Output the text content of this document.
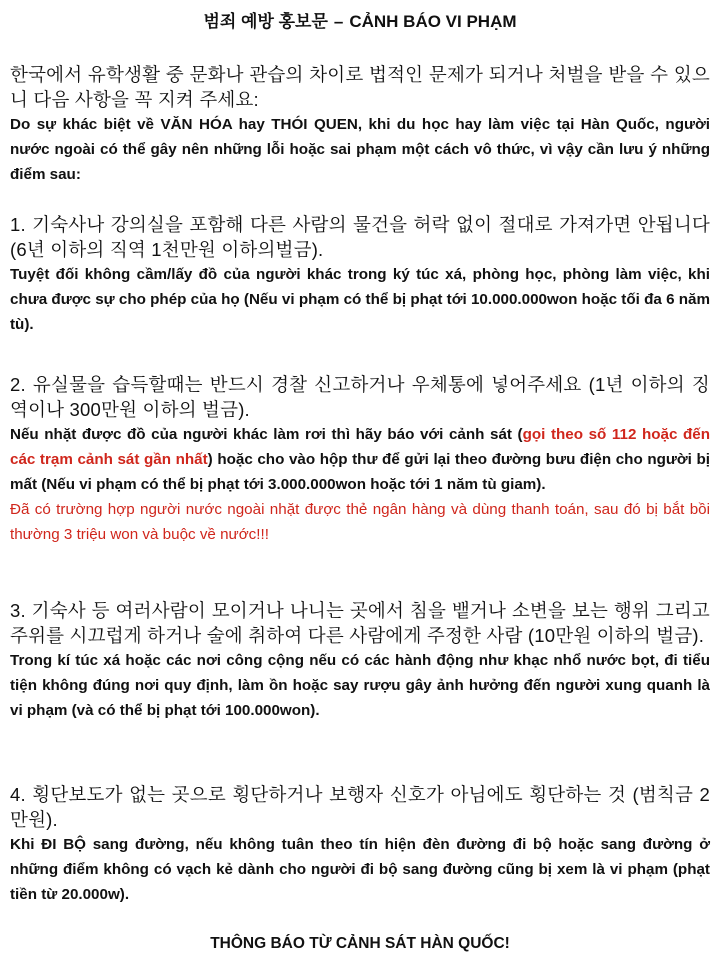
범죄 예방 홍보문 – CẢNH BÁO VI PHẠM

한국에서 유학생활 중 문화나 관습의 차이로 법적인 문제가 되거나 처벌을 받을 수 있으니 다음 사항을 꼭 지켜 주세요:

Do sự khác biệt về VĂN HÓA hay THÓI QUEN, khi du học hay làm việc tại Hàn Quốc, người nước ngoài có thể gây nên những lỗi hoặc sai phạm một cách vô thức, vì vậy cần lưu ý những điểm sau:

1. 기숙사나 강의실을 포함해 다른 사람의 물건을 허락 없이 절대로 가져가면 안됩니다 (6년 이하의 직역 1천만원 이하의벌금).

Tuyệt đối không cầm/lấy đồ của người khác trong ký túc xá, phòng học, phòng làm việc, khi chưa được sự cho phép của họ (Nếu vi phạm có thể bị phạt tới 10.000.000won hoặc tối đa 6 năm tù).

2. 유실물을 습득할때는 반드시 경찰 신고하거나 우체통에 넣어주세요 (1년 이하의 징역이나 300만원 이하의 벌금).

Nếu nhặt được đồ của người khác làm rơi thì hãy báo với cảnh sát (gọi theo số 112 hoặc đến các trạm cảnh sát gần nhất) hoặc cho vào hộp thư để gửi lại theo đường bưu điện cho người bị mất (Nếu vi phạm có thể bị phạt tới 3.000.000won hoặc tới 1 năm tù giam).

Đã có trường hợp người nước ngoài nhặt được thẻ ngân hàng và dùng thanh toán, sau đó bị bắt bồi thường 3 triệu won và buộc về nước!!!

3. 기숙사 등 여러사람이 모이거나 나니는 곳에서 침을 뱉거나 소변을 보는 행위 그리고 주위를 시끄럽게 하거나 술에 취하여 다른 사람에게 주정한 사람 (10만원 이하의 벌금).

Trong kí túc xá hoặc các nơi công cộng nếu có các hành động như khạc nhổ nước bọt, đi tiểu tiện không đúng nơi quy định, làm ồn hoặc say rượu gây ảnh hưởng đến người xung quanh là vi phạm (và có thể bị phạt tới 100.000won).

4. 횡단보도가 없는 곳으로 횡단하거나 보행자 신호가 아님에도 횡단하는 것 (범칙금 2만원).

Khi ĐI BỘ sang đường, nếu không tuân theo tín hiện đèn đường đi bộ hoặc sang đường ở những điểm không có vạch kẻ dành cho người đi bộ sang đường cũng bị xem là vi phạm (phạt tiền từ 20.000w).

THÔNG BÁO TỪ CẢNH SÁT HÀN QUỐC!
